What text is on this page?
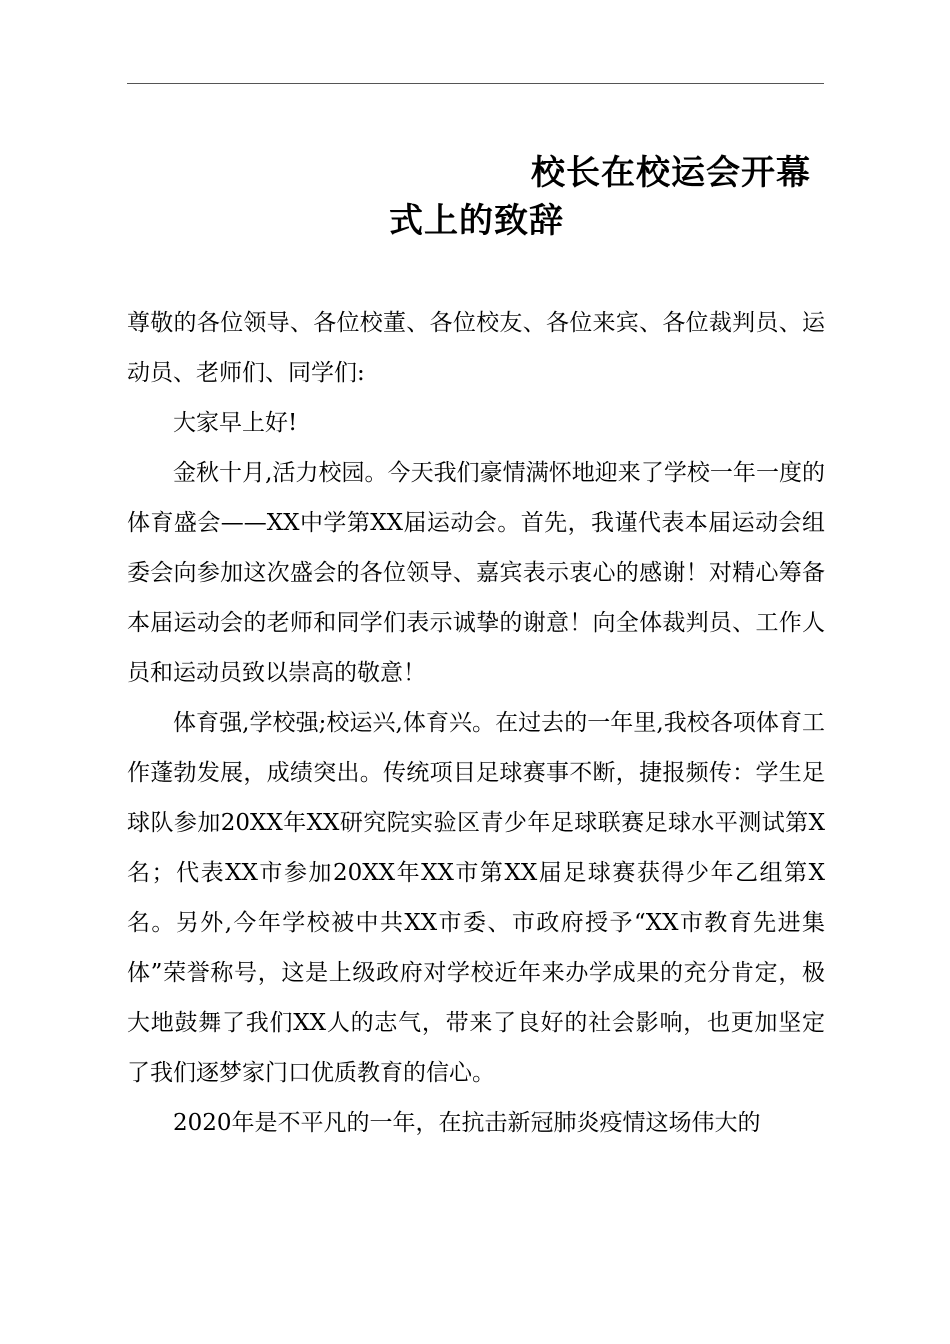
校长在校运会开幕
式上的致辞

尊敬的各位领导、各位校董、各位校友、各位来宾、各位裁判员、运动员、老师们、同学们:

大家早上好!

金秋十月,活力校园。今天我们豪情满怀地迎来了学校一年一度的体育盛会——XX中学第XX届运动会。首先，我谨代表本届运动会组委会向参加这次盛会的各位领导、嘉宾表示衷心的感谢！对精心筹备本届运动会的老师和同学们表示诚挚的谢意！向全体裁判员、工作人员和运动员致以崇高的敬意！

体育强,学校强;校运兴,体育兴。在过去的一年里,我校各项体育工作蓬勃发展，成绩突出。传统项目足球赛事不断，捷报频传：学生足球队参加20XX年XX研究院实验区青少年足球联赛足球水平测试第X名；代表XX市参加20XX年XX市第XX届足球赛获得少年乙组第X名。另外,今年学校被中共XX市委、市政府授予“XX市教育先进集体”荣誉称号，这是上级政府对学校近年来办学成果的充分肯定，极大地鼓舞了我们XX人的志气，带来了良好的社会影响，也更加坚定了我们逐梦家门口优质教育的信心。

2020年是不平凡的一年，在抗击新冠肺炎疫情这场伟大的
